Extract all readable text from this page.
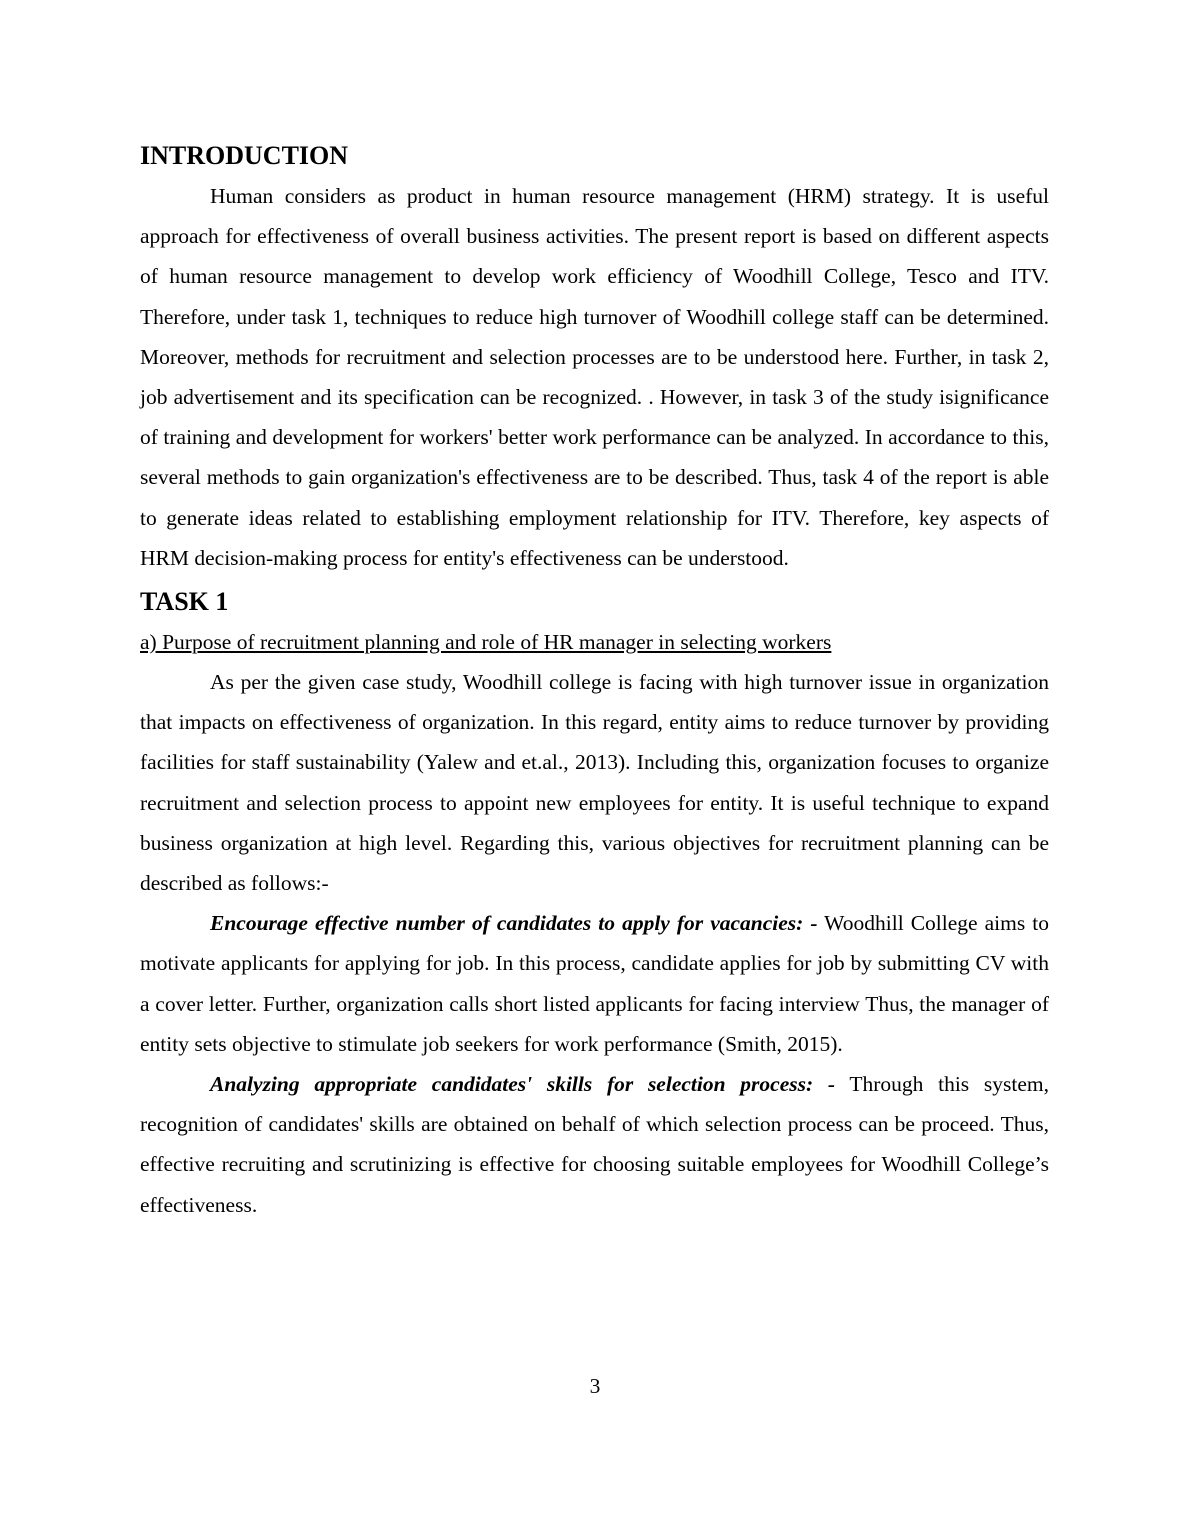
INTRODUCTION

Human considers as product in human resource management (HRM) strategy. It is useful approach for effectiveness of overall business activities. The present report is based on different aspects of human resource management to develop work efficiency of Woodhill College, Tesco and ITV. Therefore, under task 1, techniques to reduce high turnover of Woodhill college staff can be determined. Moreover, methods for recruitment and selection processes are to be understood here. Further, in task 2, job advertisement and its specification can be recognized. . However, in task 3 of the study isignificance of training and development for workers' better work performance can be analyzed. In accordance to this, several methods to gain organization's effectiveness are to be described. Thus, task 4 of the report is able to generate ideas related to establishing employment relationship for ITV. Therefore, key aspects of HRM decision-making process for entity's effectiveness can be understood.

TASK 1

a) Purpose of recruitment planning and role of HR manager in selecting workers

As per the given case study, Woodhill college is facing with high turnover issue in organization that impacts on effectiveness of organization. In this regard, entity aims to reduce turnover by providing facilities for staff sustainability (Yalew and et.al., 2013). Including this, organization focuses to organize recruitment and selection process to appoint new employees for entity. It is useful technique to expand business organization at high level. Regarding this, various objectives for recruitment planning can be described as follows:-

Encourage effective number of candidates to apply for vacancies: - Woodhill College aims to motivate applicants for applying for job. In this process, candidate applies for job by submitting CV with a cover letter. Further, organization calls short listed applicants for facing interview Thus, the manager of entity sets objective to stimulate job seekers for work performance (Smith, 2015).

Analyzing appropriate candidates' skills for selection process: - Through this system, recognition of candidates' skills are obtained on behalf of which selection process can be proceed. Thus, effective recruiting and scrutinizing is effective for choosing suitable employees for Woodhill College’s effectiveness.

3
